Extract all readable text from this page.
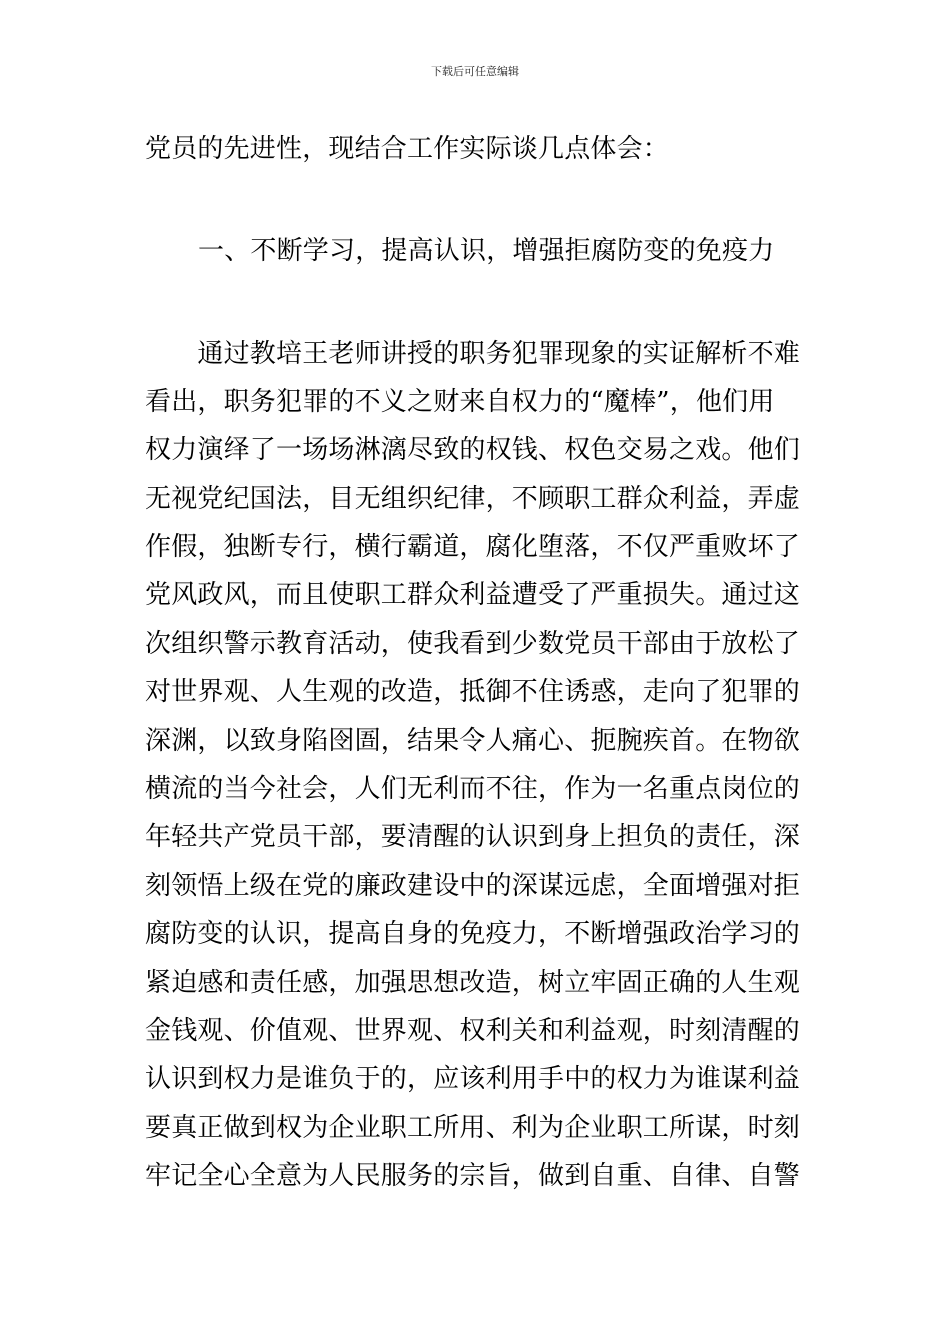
下载后可任意编辑
党员的先进性，现结合工作实际谈几点体会：
一、不断学习，提高认识，增强拒腐防变的免疫力
　　通过教培王老师讲授的职务犯罪现象的实证解析不难
看出，职务犯罪的不义之财来自权力的“魔棒”，他们用
权力演绎了一场场淋漓尽致的权钱、权色交易之戏。他们
无视党纪国法，目无组织纪律，不顾职工群众利益，弄虚
作假，独断专行，横行霸道，腐化堕落，不仅严重败坏了
党风政风，而且使职工群众利益遭受了严重损失。通过这
次组织警示教育活动，使我看到少数党员干部由于放松了
对世界观、人生观的改造，抵御不住诱惑，走向了犯罪的
深渊，以致身陷囹圄，结果令人痛心、扼腕疾首。在物欲
横流的当今社会，人们无利而不往，作为一名重点岗位的
年轻共产党员干部，要清醒的认识到身上担负的责任，深
刻领悟上级在党的廉政建设中的深谋远虑，全面增强对拒
腐防变的认识，提高自身的免疫力，不断增强政治学习的
紧迫感和责任感，加强思想改造，树立牢固正确的人生观
金钱观、价值观、世界观、权利关和利益观，时刻清醒的
认识到权力是谁负于的，应该利用手中的权力为谁谋利益
要真正做到权为企业职工所用、利为企业职工所谋，时刻
牢记全心全意为人民服务的宗旨，做到自重、自律、自警
